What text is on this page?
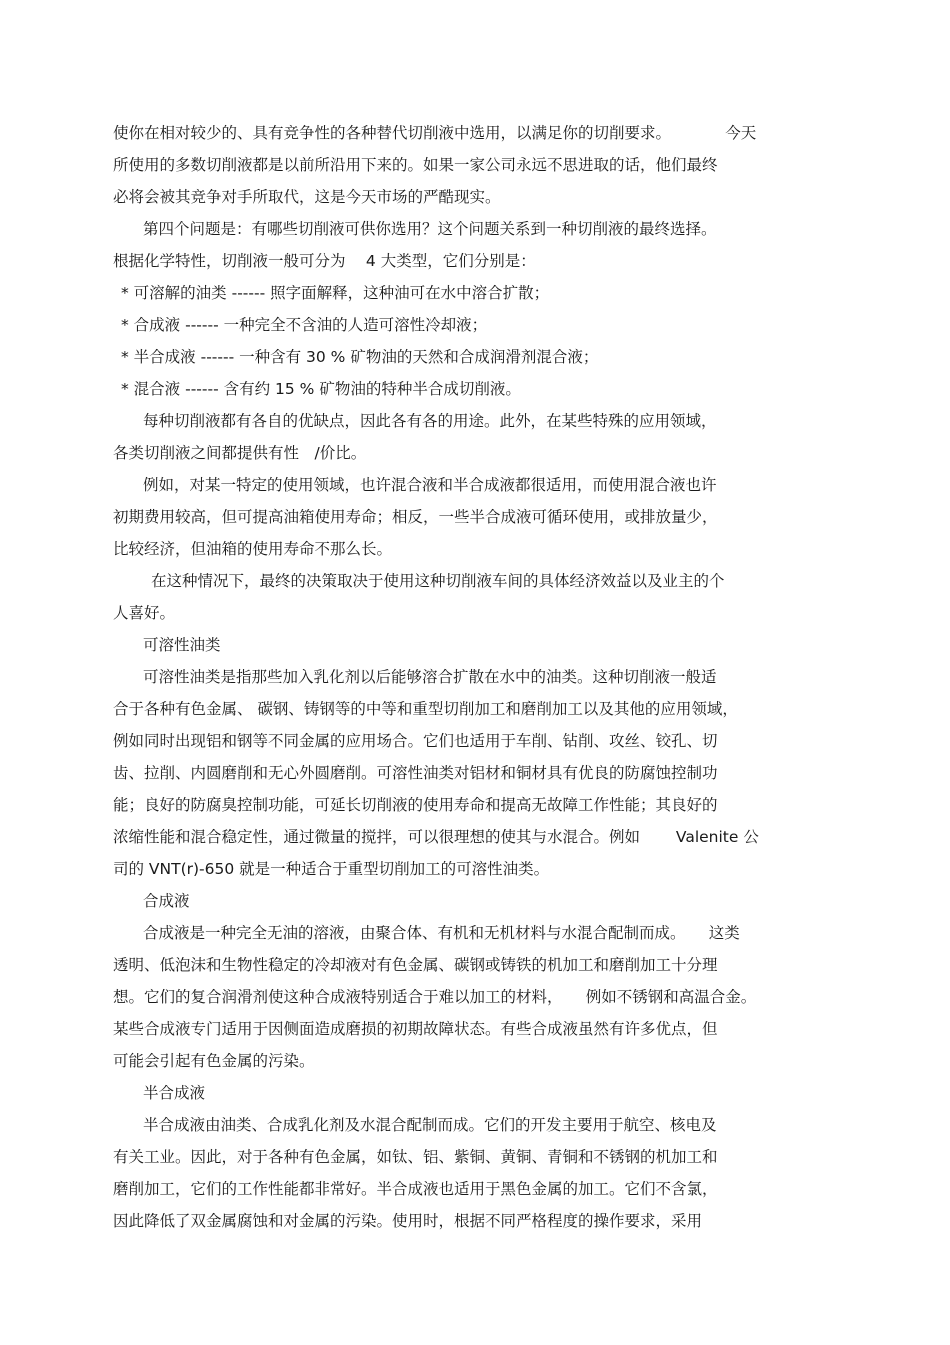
使你在相对较少的、具有竞争性的各种替代切削液中选用，以满足你的切削要求。　　　　今天

所使用的多数切削液都是以前所沿用下来的。如果一家公司永远不思进取的话，他们最终

必将会被其竞争对手所取代，这是今天市场的严酷现实。

第四个问题是：有哪些切削液可供你选用？这个问题关系到一种切削液的最终选择。

根据化学特性，切削液一般可分为　 4 大类型，它们分别是：

* 可溶解的油类 ------ 照字面解释，这种油可在水中溶合扩散；

* 合成液 ------ 一种完全不含油的人造可溶性冷却液；

* 半合成液 ------ 一种含有 30 % 矿物油的天然和合成润滑剂混合液；

* 混合液 ------ 含有约 15 % 矿物油的特种半合成切削液。

每种切削液都有各自的优缺点，因此各有各的用途。此外，在某些特殊的应用领域，

各类切削液之间都提供有性　/价比。

例如，对某一特定的使用领域，也许混合液和半合成液都很适用，而使用混合液也许

初期费用较高，但可提高油箱使用寿命；相反，一些半合成液可循环使用，或排放量少，

比较经济，但油箱的使用寿命不那么长。

在这种情况下，最终的决策取决于使用这种切削液车间的具体经济效益以及业主的个

人喜好。

可溶性油类

可溶性油类是指那些加入乳化剂以后能够溶合扩散在水中的油类。这种切削液一般适

合于各种有色金属、 碳钢、铸钢等的中等和重型切削加工和磨削加工以及其他的应用领域，

例如同时出现铝和钢等不同金属的应用场合。它们也适用于车削、钻削、攻丝、铰孔、切

齿、拉削、内圆磨削和无心外圆磨削。可溶性油类对铝材和铜材具有优良的防腐蚀控制功

能；良好的防腐臭控制功能，可延长切削液的使用寿命和提高无故障工作性能；其良好的

浓缩性能和混合稳定性，通过微量的搅拌，可以很理想的使其与水混合。例如　　 Valenite 公

司的 VNT(r)-650 就是一种适合于重型切削加工的可溶性油类。

合成液

合成液是一种完全无油的溶液，由聚合体、有机和无机材料与水混合配制而成。　　这类

透明、低泡沫和生物性稳定的冷却液对有色金属、碳钢或铸铁的机加工和磨削加工十分理

想。它们的复合润滑剂使这种合成液特别适合于难以加工的材料，　　例如不锈钢和高温合金。

某些合成液专门适用于因侧面造成磨损的初期故障状态。有些合成液虽然有许多优点，但

可能会引起有色金属的污染。

半合成液

半合成液由油类、合成乳化剂及水混合配制而成。它们的开发主要用于航空、核电及

有关工业。因此，对于各种有色金属，如钛、铝、紫铜、黄铜、青铜和不锈钢的机加工和

磨削加工，它们的工作性能都非常好。半合成液也适用于黑色金属的加工。它们不含氯，

因此降低了双金属腐蚀和对金属的污染。使用时，根据不同严格程度的操作要求，采用
